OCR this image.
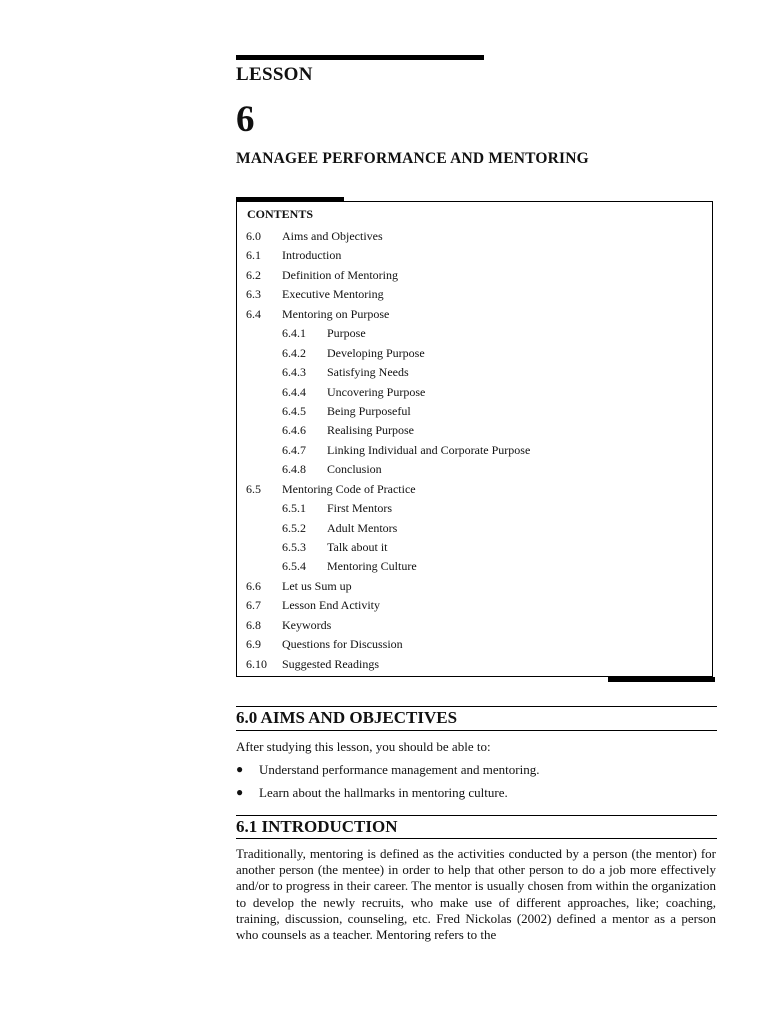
LESSON
6
MANAGEE PERFORMANCE AND MENTORING
CONTENTS
6.0 Aims and Objectives
6.1 Introduction
6.2 Definition of Mentoring
6.3 Executive Mentoring
6.4 Mentoring on Purpose
6.4.1 Purpose
6.4.2 Developing Purpose
6.4.3 Satisfying Needs
6.4.4 Uncovering Purpose
6.4.5 Being Purposeful
6.4.6 Realising Purpose
6.4.7 Linking Individual and Corporate Purpose
6.4.8 Conclusion
6.5 Mentoring Code of Practice
6.5.1 First Mentors
6.5.2 Adult Mentors
6.5.3 Talk about it
6.5.4 Mentoring Culture
6.6 Let us Sum up
6.7 Lesson End Activity
6.8 Keywords
6.9 Questions for Discussion
6.10 Suggested Readings
6.0 AIMS AND OBJECTIVES
After studying this lesson, you should be able to:
● Understand performance management and mentoring.
● Learn about the hallmarks in mentoring culture.
6.1 INTRODUCTION

Traditionally, mentoring is defined as the activities conducted by a person (the mentor) for another person (the mentee) in order to help that other person to do a job more effectively and/or to progress in their career. The mentor is usually chosen from within the organization to develop the newly recruits, who make use of different approaches, like; coaching, training, discussion, counseling, etc. Fred Nickolas (2002) defined a mentor as a person who counsels as a teacher. Mentoring refers to the
